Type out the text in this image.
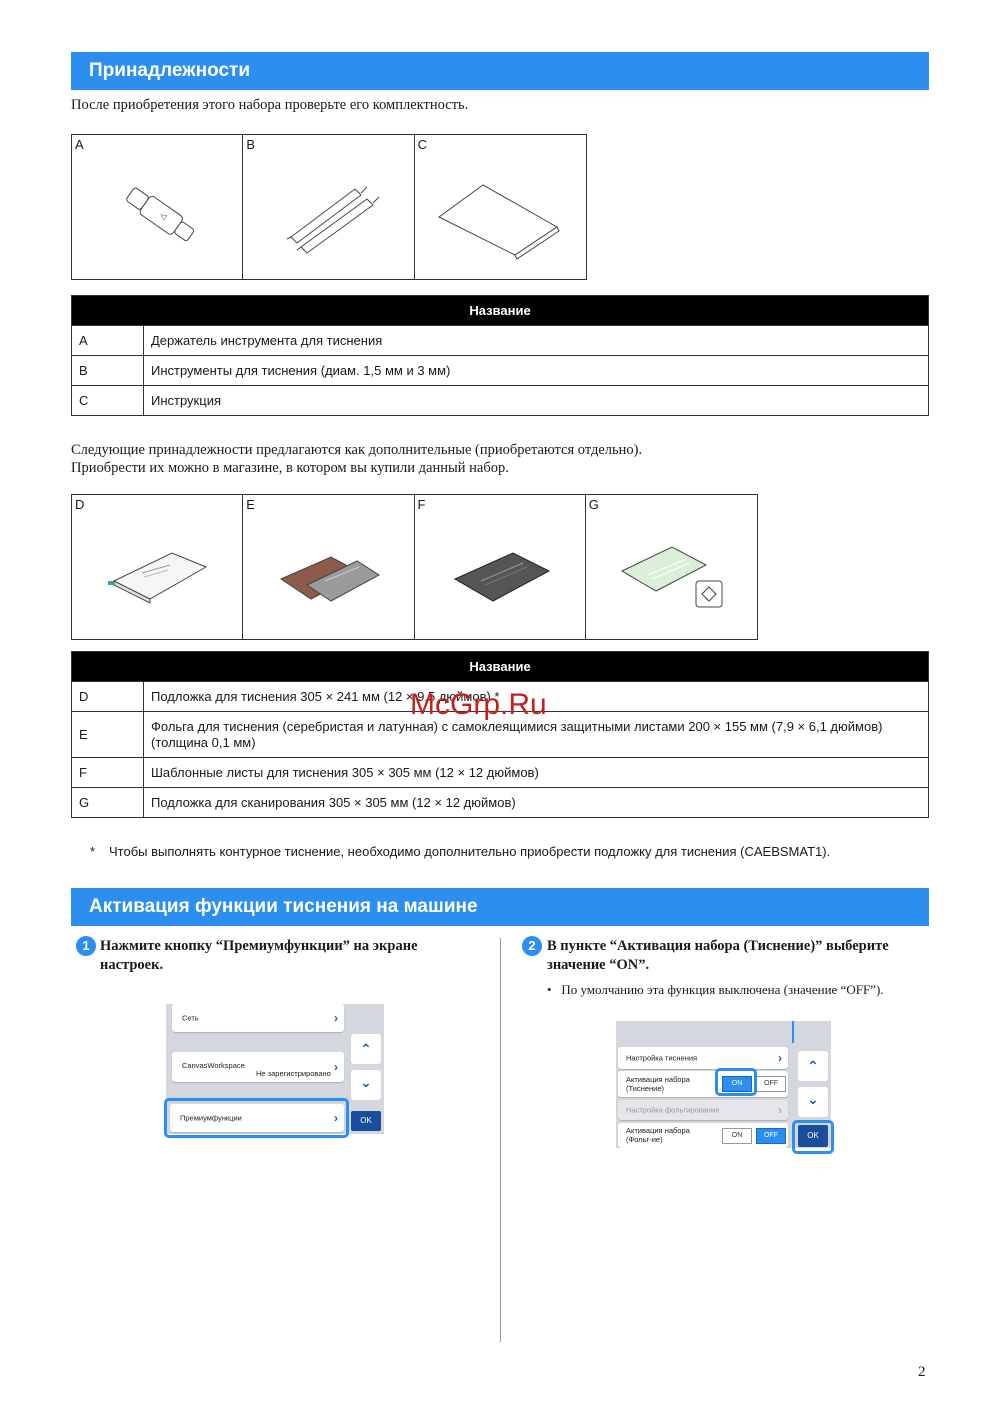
Принадлежности
После приобретения этого набора проверьте его комплектность.
A
△
B	C
Название	
A	Держатель инструмента для тиснения
B	Инструменты для тиснения (диам. 1,5 мм и 3 мм)
C	Инструкция
Следующие принадлежности предлагаются как дополнительные (приобретаются отдельно).
Приобрести их можно в магазине, в котором вы купили данный набор.
D	E	F	G
Название	
D	Подложка для тиснения 305 × 241 мм (12 × 9,5 дюймов) *
E	Фольга для тиснения (серебристая и латунная) с самоклеящимися защитными листами 200 × 155 мм (7,9 × 6,1 дюймов) (толщина 0,1 мм)
F	Шаблонные листы для тиснения 305 × 305 мм (12 × 12 дюймов)
G	Подложка для сканирования 305 × 305 мм (12 × 12 дюймов)
* Чтобы выполнять контурное тиснение, необходимо дополнительно приобрести подложку для тиснения (CAEBSMAT1).
Активация функции тиснения на машине
1 Нажмите кнопку “Премиумфункции” на экране настроек.
Сеть	›
CanvasWorkspace
Не зарегистрировано ›
Премиумфункции	›
⌃
⌄
OK
2 В пункте “Активация набора (Тиснение)” выберите значение “ON”.
• По умолчанию эта функция выключена (значение “OFF”).
Настройка тиснения	›
Активация набора
(Тиснение)
ON	OFF
Настройка фольгирования	›
Активация набора
(Фольг-ие)	ON	OFF
⌃
⌄
OK
McGrp.Ru
2
